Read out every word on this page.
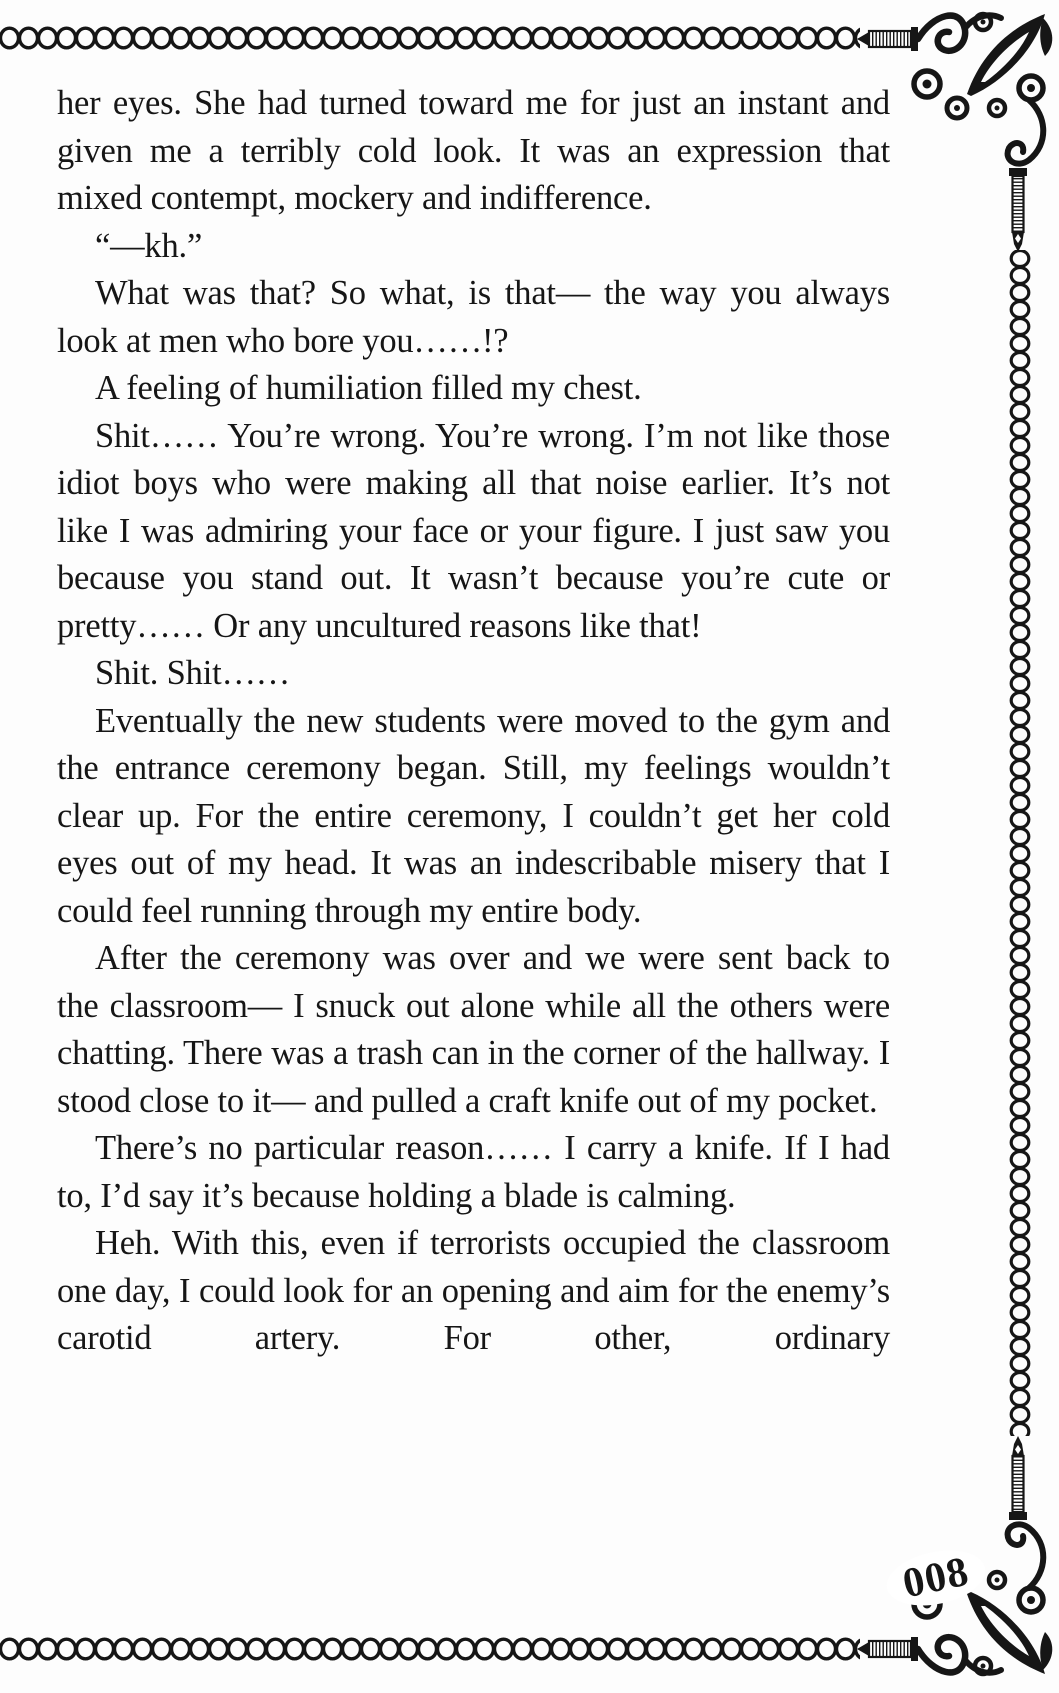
008

her eyes. She had turned toward me for just an instant and given me a terribly cold look. It was an expression that mixed contempt, mockery and indifference.

“—kh.”

What was that? So what, is that— the way you always look at men who bore you……!?

A feeling of humiliation filled my chest.

Shit…… You’re wrong. You’re wrong. I’m not like those idiot boys who were making all that noise earlier. It’s not like I was admiring your face or your figure. I just saw you because you stand out. It wasn’t because you’re cute or pretty…… Or any uncultured reasons like that!

Shit. Shit……

Eventually the new students were moved to the gym and the entrance ceremony began. Still, my feelings wouldn’t clear up. For the entire ceremony, I couldn’t get her cold eyes out of my head. It was an indescribable misery that I could feel running through my entire body.

After the ceremony was over and we were sent back to the classroom— I snuck out alone while all the others were chatting. There was a trash can in the corner of the hallway. I stood close to it— and pulled a craft knife out of my pocket.

There’s no particular reason…… I carry a knife. If I had to, I’d say it’s because holding a blade is calming.

Heh. With this, even if terrorists occupied the classroom one day, I could look for an opening and aim for the enemy’s carotid artery. For other, ordinary
